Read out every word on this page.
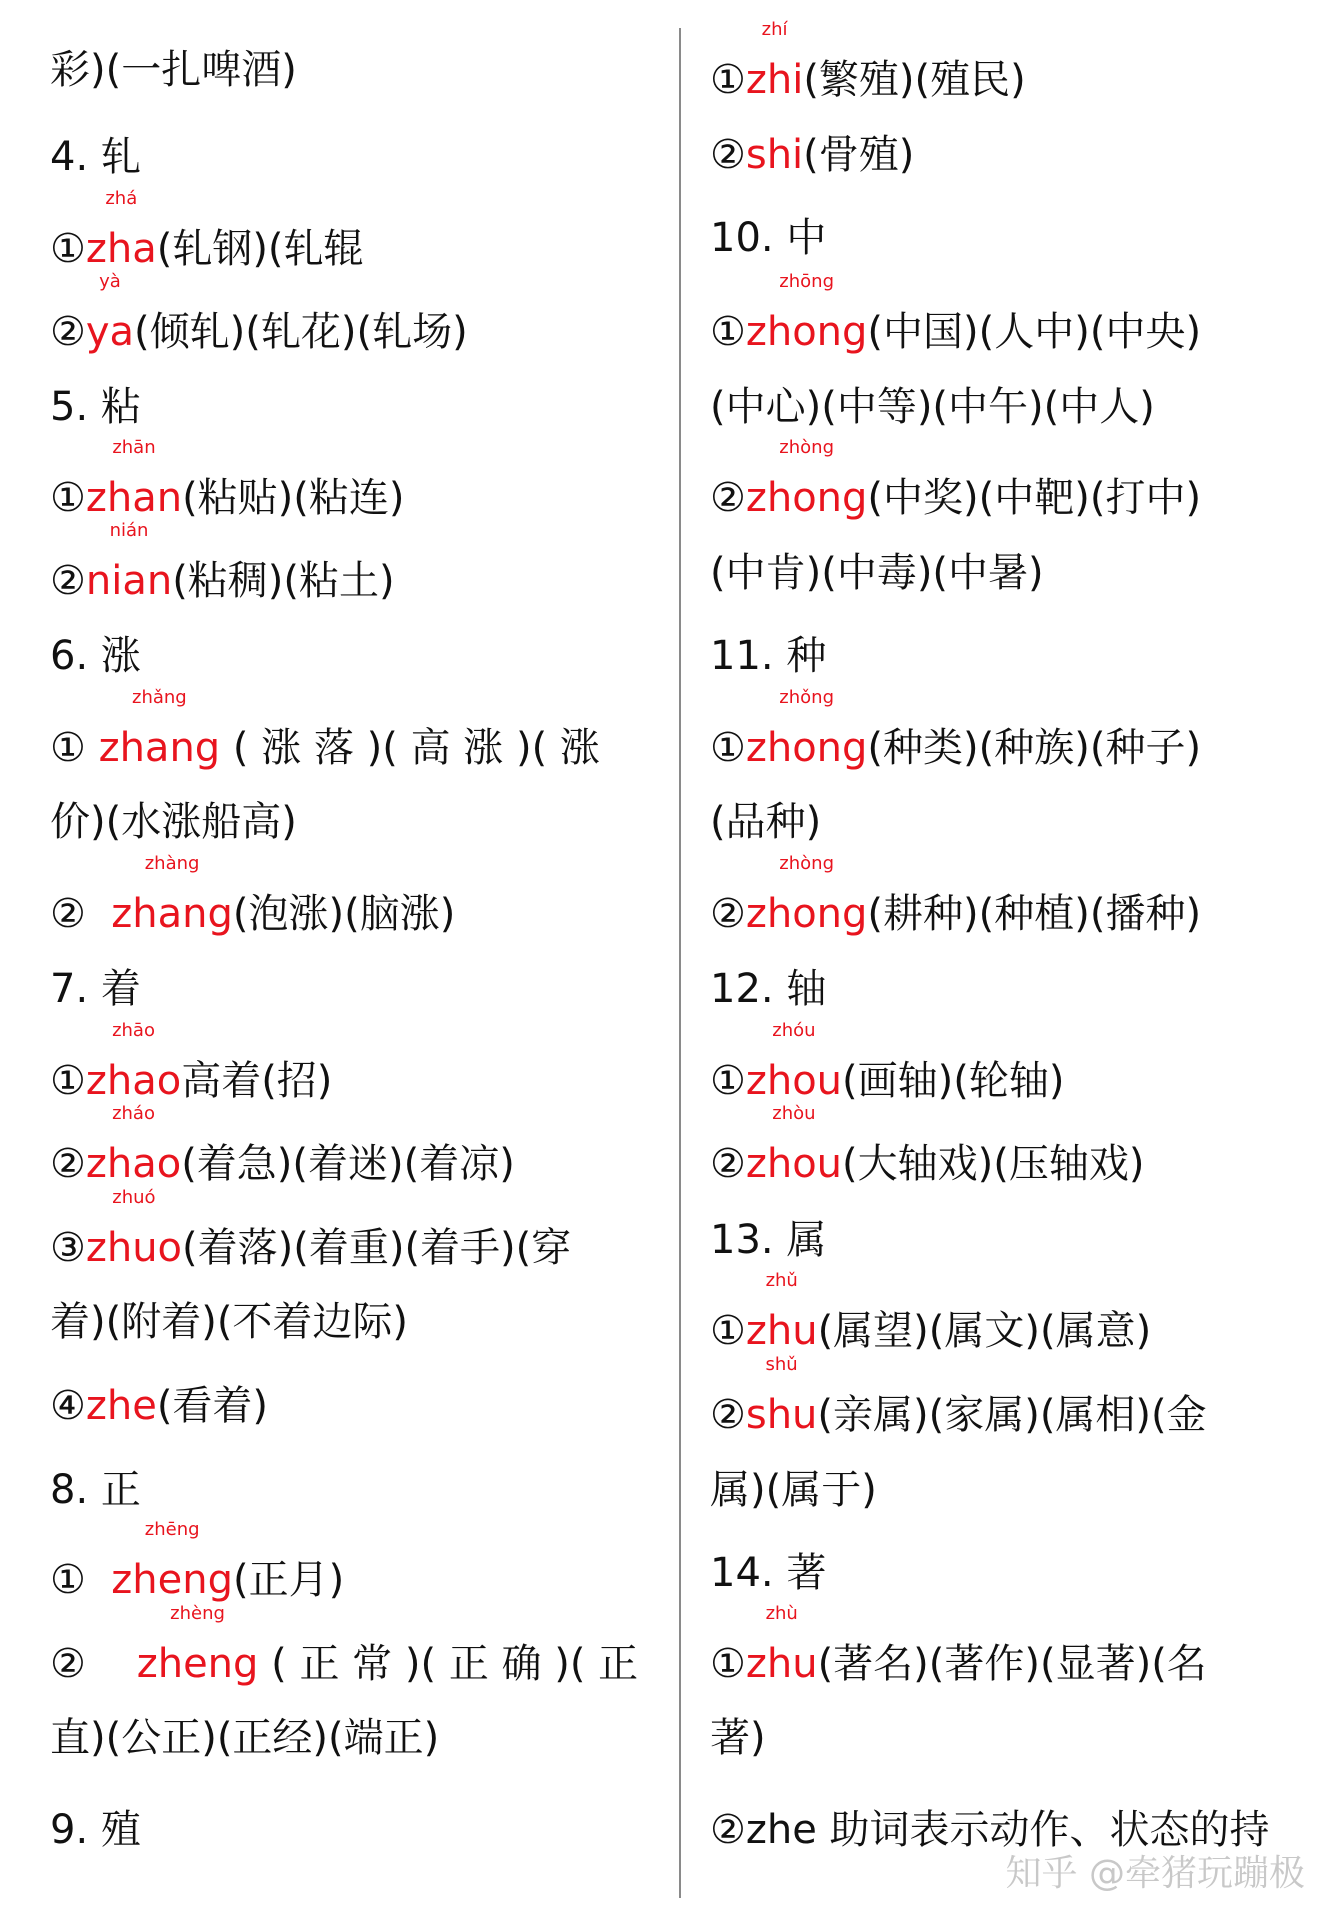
彩)(一扎啤酒)
4. 轧
①
zhá
zha(轧钢)(轧辊
②
yà
ya(倾轧)(轧花)(轧场)
5. 粘
①
zhān
zhan(粘贴)(粘连)
②
nián
nian(粘稠)(粘土)
6. 涨
①
zhǎng
zhang ( 涨 落 )( 高 涨 )( 涨
价)(水涨船高)
②
zhàng
zhang(泡涨)(脑涨)
7. 着
①
zhāo
zhao高着(招)
②
zháo
zhao(着急)(着迷)(着凉)
③
zhuó
zhuo(着落)(着重)(着手)(穿
着)(附着)(不着边际)
④zhe(看着)
8. 正
①
zhēng
zheng(正月)
②
zhèng
zheng ( 正 常 )( 正 确 )( 正
直)(公正)(正经)(端正)
9. 殖
①
zhí
zhi(繁殖)(殖民)
②shi(骨殖)
10. 中
①
zhōng
zhong(中国)(人中)(中央)
(中心)(中等)(中午)(中人)
②
zhòng
zhong(中奖)(中靶)(打中)
(中肯)(中毒)(中暑)
11. 种
①
zhǒng
zhong(种类)(种族)(种子)
(品种)
②
zhòng
zhong(耕种)(种植)(播种)
12. 轴
①
zhóu
zhou(画轴)(轮轴)
②
zhòu
zhou(大轴戏)(压轴戏)
13. 属
①
zhǔ
zhu(属望)(属文)(属意)
②
shǔ
shu(亲属)(家属)(属相)(金
属)(属于)
14. 著
①
zhù
zhu(著名)(著作)(显著)(名
著)
②zhe 助词表示动作、状态的持
知乎 @牵猪玩蹦极
